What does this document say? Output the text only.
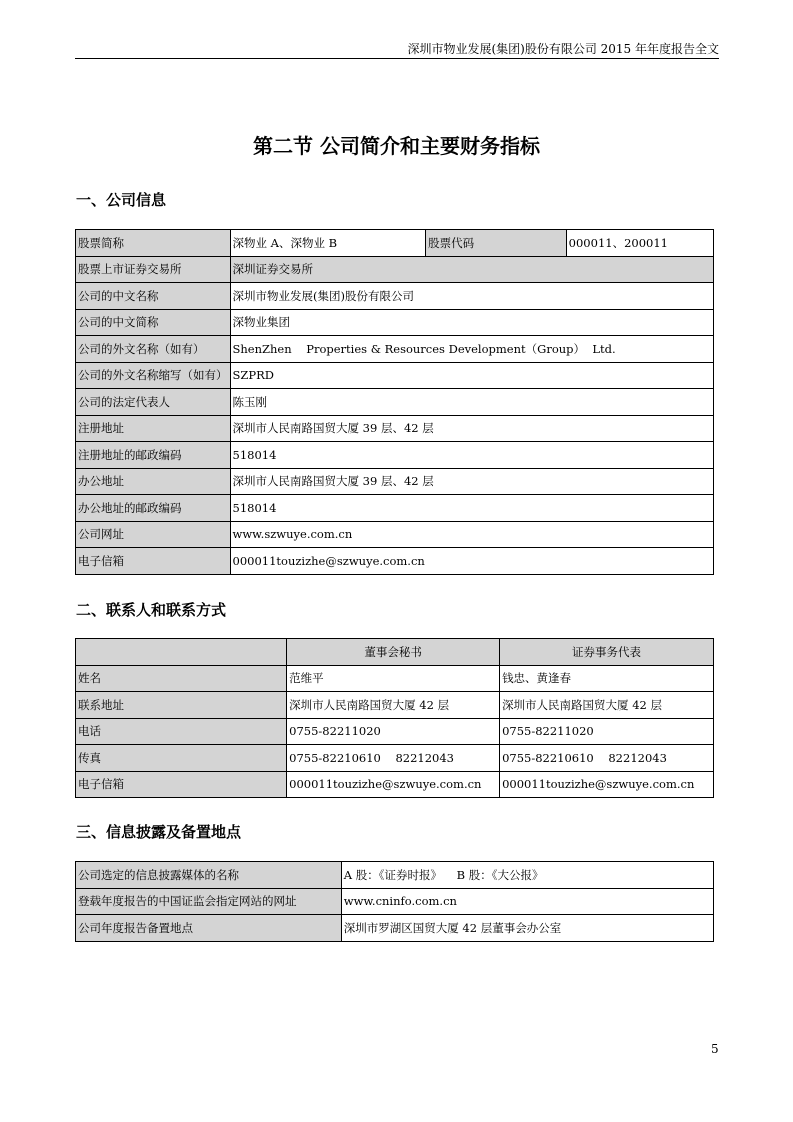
深圳市物业发展(集团)股份有限公司 2015 年年度报告全文
第二节 公司简介和主要财务指标
一、公司信息
股票简称	深物业 A、深物业 B	股票代码	000011、200011
股票上市证券交易所	深圳证券交易所		
公司的中文名称	深圳市物业发展(集团)股份有限公司		
公司的中文简称	深物业集团		
公司的外文名称（如有）	ShenZhen    Properties & Resources Development（Group）  Ltd.		
公司的外文名称缩写（如有）	SZPRD		
公司的法定代表人	陈玉刚		
注册地址	深圳市人民南路国贸大厦 39 层、42 层		
注册地址的邮政编码	518014		
办公地址	深圳市人民南路国贸大厦 39 层、42 层		
办公地址的邮政编码	518014		
公司网址	www.szwuye.com.cn		
电子信箱	000011touzizhe@szwuye.com.cn		
二、联系人和联系方式
	董事会秘书	证券事务代表
姓名	范维平	钱忠、黄逢春
联系地址	深圳市人民南路国贸大厦 42 层	深圳市人民南路国贸大厦 42 层
电话	0755-82211020	0755-82211020
传真	0755-82210610    82212043	0755-82210610    82212043
电子信箱	000011touzizhe@szwuye.com.cn	000011touzizhe@szwuye.com.cn
三、信息披露及备置地点
公司选定的信息披露媒体的名称	A 股：《证券时报》    B 股：《大公报》
登载年度报告的中国证监会指定网站的网址	www.cninfo.com.cn
公司年度报告备置地点	深圳市罗湖区国贸大厦 42 层董事会办公室
5
